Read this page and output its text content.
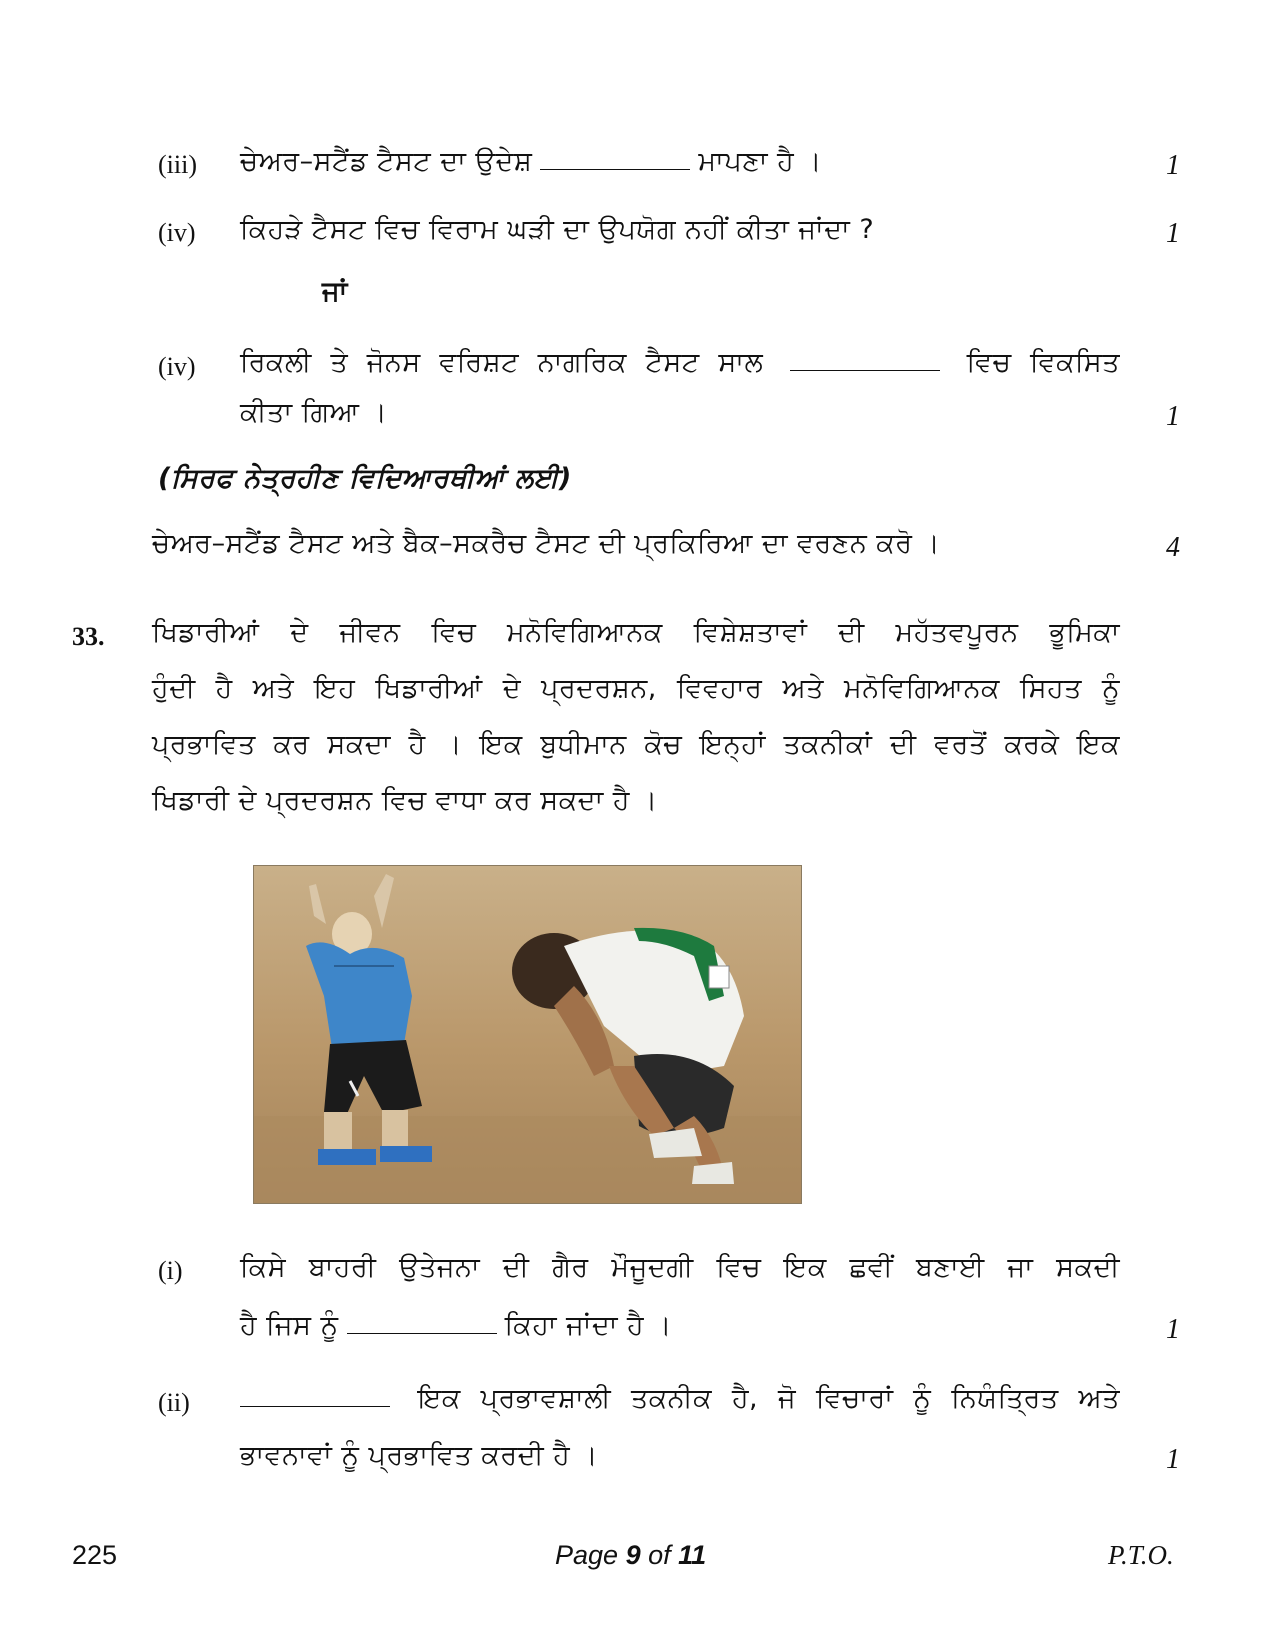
(iii) ਚੇਅਰ–ਸਟੈਂਡ ਟੈਸਟ ਦਾ ਉਦੇਸ਼	ਮਾਪਣਾ ਹੈ ।	1
(iv) ਕਿਹੜੇ ਟੈਸਟ ਵਿਚ ਵਿਰਾਮ ਘੜੀ ਦਾ ਉਪਯੋਗ ਨਹੀਂ ਕੀਤਾ ਜਾਂਦਾ ?	1
ਜਾਂ
(iv) ਰਿਕਲੀ ਤੇ ਜੋਨਸ ਵਰਿਸ਼ਟ ਨਾਗਰਿਕ ਟੈਸਟ ਸਾਲ	ਵਿਚ ਵਿਕਸਿਤ
ਕੀਤਾ ਗਿਆ ।	1
(ਸਿਰਫ ਨੇਤ੍ਰਹੀਣ ਵਿਦਿਆਰਥੀਆਂ ਲਈ)
ਚੇਅਰ–ਸਟੈਂਡ ਟੈਸਟ ਅਤੇ ਬੈਕ–ਸਕਰੈਚ ਟੈਸਟ ਦੀ ਪ੍ਰਕਿਰਿਆ ਦਾ ਵਰਣਨ ਕਰੋ ।	4
33. ਖਿਡਾਰੀਆਂ ਦੇ ਜੀਵਨ ਵਿਚ ਮਨੋਵਿਗਿਆਨਕ ਵਿਸ਼ੇਸ਼ਤਾਵਾਂ ਦੀ ਮਹੱਤਵਪੂਰਨ ਭੂਮਿਕਾ
ਹੁੰਦੀ ਹੈ ਅਤੇ ਇਹ ਖਿਡਾਰੀਆਂ ਦੇ ਪ੍ਰਦਰਸ਼ਨ, ਵਿਵਹਾਰ ਅਤੇ ਮਨੋਵਿਗਿਆਨਕ ਸਿਹਤ ਨੂੰ
ਪ੍ਰਭਾਵਿਤ ਕਰ ਸਕਦਾ ਹੈ । ਇਕ ਬੁਧੀਮਾਨ ਕੋਚ ਇਨ੍ਹਾਂ ਤਕਨੀਕਾਂ ਦੀ ਵਰਤੋਂ ਕਰਕੇ ਇਕ
ਖਿਡਾਰੀ ਦੇ ਪ੍ਰਦਰਸ਼ਨ ਵਿਚ ਵਾਧਾ ਕਰ ਸਕਦਾ ਹੈ ।
(i) ਕਿਸੇ ਬਾਹਰੀ ਉਤੇਜਨਾ ਦੀ ਗੈਰ ਮੌਜੂਦਗੀ ਵਿਚ ਇਕ ਛਵੀਂ ਬਣਾਈ ਜਾ ਸਕਦੀ
ਹੈ ਜਿਸ ਨੂੰ	ਕਿਹਾ ਜਾਂਦਾ ਹੈ ।	1
(ii)	ਇਕ ਪ੍ਰਭਾਵਸ਼ਾਲੀ ਤਕਨੀਕ ਹੈ, ਜੋ ਵਿਚਾਰਾਂ ਨੂੰ ਨਿਯੰਤ੍ਰਿਤ ਅਤੇ
ਭਾਵਨਾਵਾਂ ਨੂੰ ਪ੍ਰਭਾਵਿਤ ਕਰਦੀ ਹੈ ।	1
225	Page 9 of 11	P.T.O.
